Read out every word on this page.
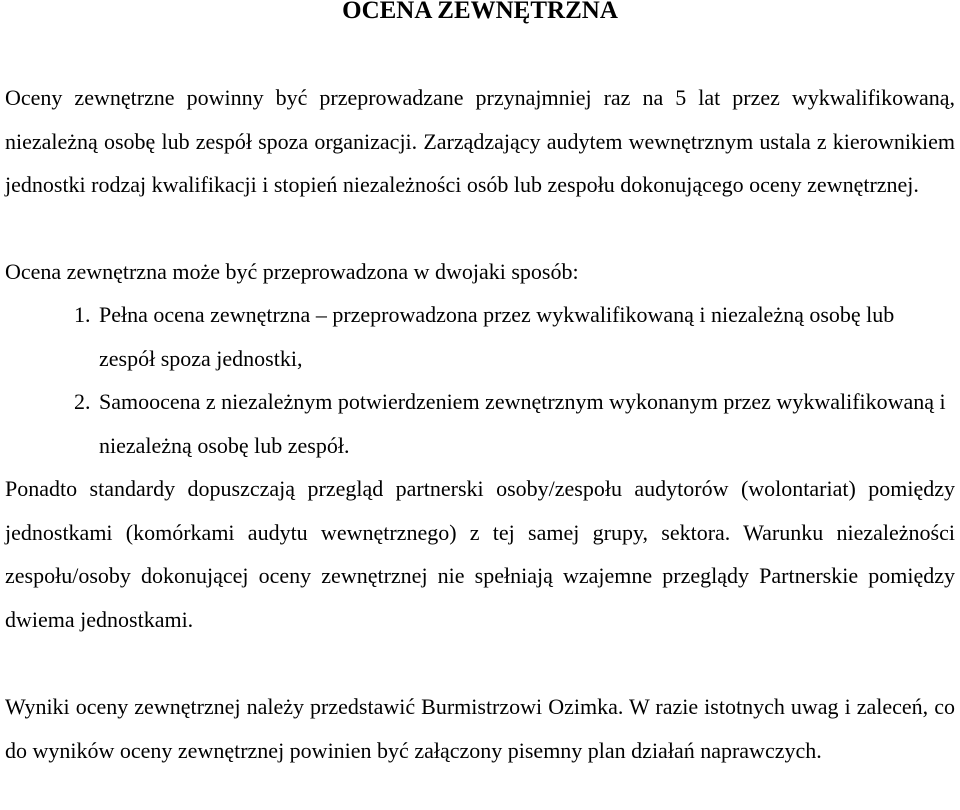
OCENA ZEWNĘTRZNA

Oceny zewnętrzne powinny być przeprowadzane przynajmniej raz na 5 lat przez wykwalifikowaną, niezależną osobę lub zespół spoza organizacji. Zarządzający audytem wewnętrznym ustala z kierownikiem jednostki rodzaj kwalifikacji i stopień niezależności osób lub zespołu dokonującego oceny zewnętrznej.

Ocena zewnętrzna może być przeprowadzona w dwojaki sposób:

1. Pełna ocena zewnętrzna – przeprowadzona przez wykwalifikowaną i niezależną osobę lub zespół spoza jednostki,
2. Samoocena z niezależnym potwierdzeniem zewnętrznym wykonanym przez wykwalifikowaną i niezależną osobę lub zespół.

Ponadto standardy dopuszczają przegląd partnerski osoby/zespołu audytorów (wolontariat) pomiędzy jednostkami (komórkami audytu wewnętrznego) z tej samej grupy, sektora. Warunku niezależności zespołu/osoby dokonującej oceny zewnętrznej nie spełniają wzajemne przeglądy Partnerskie pomiędzy dwiema jednostkami.

Wyniki oceny zewnętrznej należy przedstawić Burmistrzowi Ozimka. W razie istotnych uwag i zaleceń, co do wyników oceny zewnętrznej powinien być załączony pisemny plan działań naprawczych.
